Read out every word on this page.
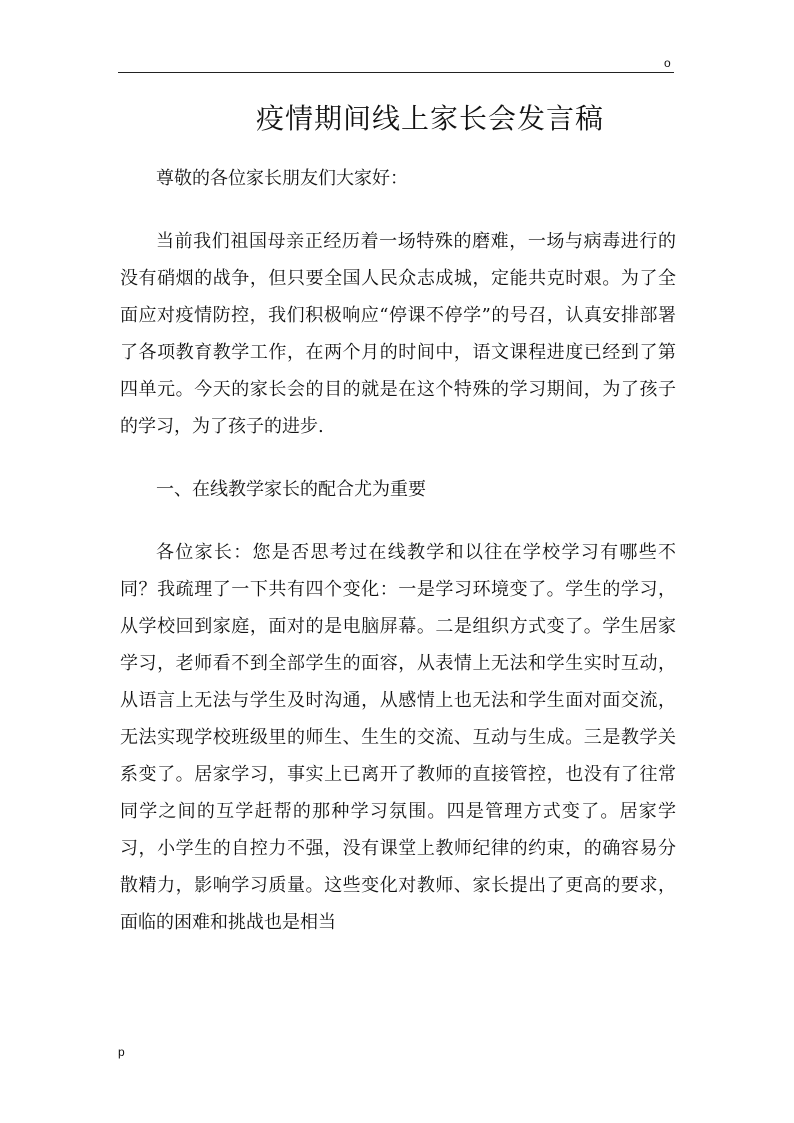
o
疫情期间线上家长会发言稿

尊敬的各位家长朋友们大家好：

当前我们祖国母亲正经历着一场特殊的磨难，一场与病毒进行的没有硝烟的战争，但只要全国人民众志成城，定能共克时艰。为了全面应对疫情防控，我们积极响应“停课不停学”的号召，认真安排部署了各项教育教学工作，在两个月的时间中，语文课程进度已经到了第四单元。今天的家长会的目的就是在这个特殊的学习期间，为了孩子的学习，为了孩子的进步.

一、在线教学家长的配合尤为重要

各位家长：您是否思考过在线教学和以往在学校学习有哪些不同？我疏理了一下共有四个变化：一是学习环境变了。学生的学习，从学校回到家庭，面对的是电脑屏幕。二是组织方式变了。学生居家学习，老师看不到全部学生的面容，从表情上无法和学生实时互动，从语言上无法与学生及时沟通，从感情上也无法和学生面对面交流，无法实现学校班级里的师生、生生的交流、互动与生成。三是教学关系变了。居家学习，事实上已离开了教师的直接管控，也没有了往常同学之间的互学赶帮的那种学习氛围。四是管理方式变了。居家学习，小学生的自控力不强，没有课堂上教师纪律的约束，的确容易分散精力，影响学习质量。这些变化对教师、家长提出了更高的要求，面临的困难和挑战也是相当

p
